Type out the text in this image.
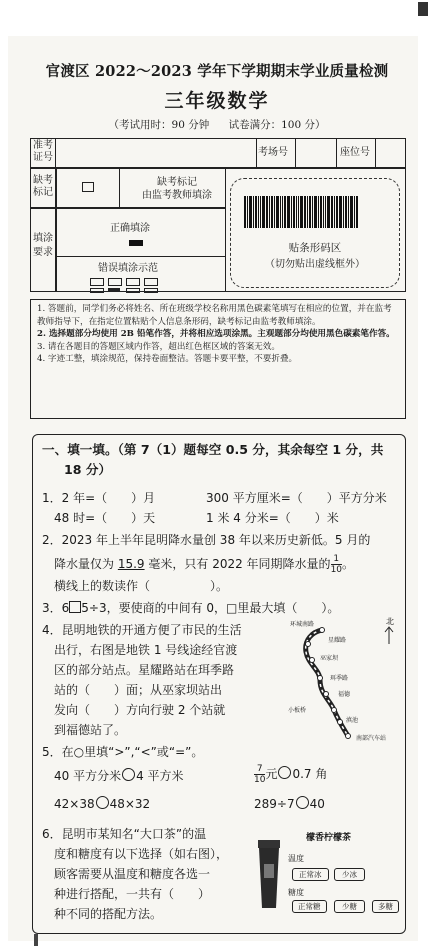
官渡区 2022～2023 学年下学期期末学业质量检测
三年级数学
（考试用时：90 分钟 试卷满分：100 分）
准考证号	考场号	座位号
缺考标记
缺考标记
由监考教师填涂
填涂要求
正确填涂
错误填涂示范
贴条形码区
（切勿贴出虚线框外）

1. 答题前，同学们务必将姓名、所在班级学校名称用黑色碳素笔填写在相应的位置，并在监考教师指导下，在指定位置粘贴个人信息条形码，缺考标记由监考教师填涂。

2. 选择题部分均使用 2B 铅笔作答，并将相应选项涂黑。主观题部分均使用黑色碳素笔作答。

3. 请在各题目的答题区域内作答，超出红色框区域的答案无效。

4. 字迹工整，填涂规范，保持卷面整洁。答题卡要平整，不要折叠。

一、填一填。（第 7（1）题每空 0.5 分，其余每空 1 分，共
18 分）
1．2 年=（　　）月	300 平方厘米=（　　）平方分米
48 时=（　　）天	1 米 4 分米=（　　）米
2．2023 年上半年昆明降水量创 38 年以来历史新低。5 月的
降水量仅为 15.9 毫米，只有 2022 年同期降水量的 $\frac{1}{10}$ 。
横线上的数读作（　　　　　）。
3．6 5÷3，要使商的中间有 0，□里最大填（　　）。
4．昆明地铁的开通方便了市民的生活
出行，右图是地铁 1 号线途经官渡
区的部分站点。星耀路站在珥季路
站的（　　）面；从巫家坝站出
发向（　　）方向行驶 2 个站就
到福德站了。
北
环城南路
星耀路
巫家坝
珥季路
福德
小板桥
滇池
南部汽车站
5．在○里填“>”,“<”或“=”。
40 平方分米 4 平方米	$\frac{7}{10}$ 元 0.7 角
42×38 48×32	289÷7 40
6．昆明市某知名“大口茶”的温
度和糖度有以下选择（如右图），
顾客需要从温度和糖度各选一
种进行搭配，一共有（　　）
种不同的搭配方法。
檬香柠檬茶
温度
正常冰	少冰
糖度
正常糖	少糖	多糖
